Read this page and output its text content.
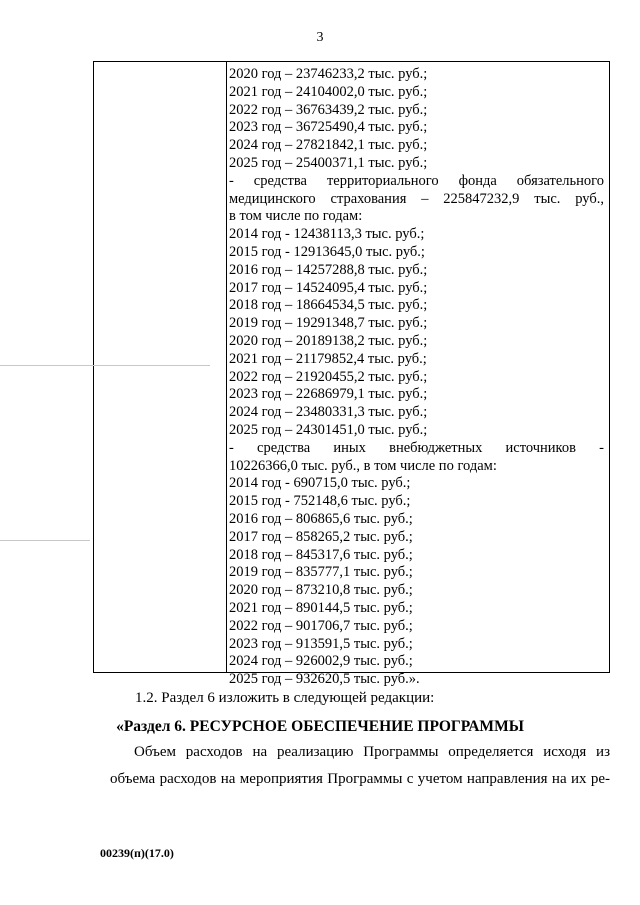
3
2020 год – 23746233,2 тыс. руб.;
2021 год – 24104002,0 тыс. руб.;
2022 год – 36763439,2 тыс. руб.;
2023 год – 36725490,4 тыс. руб.;
2024 год – 27821842,1 тыс. руб.;
2025 год – 25400371,1 тыс. руб.;
- средства территориального фонда обязательного
медицинского страхования – 225847232,9 тыс. руб.,
в том числе по годам:
2014 год - 12438113,3 тыс. руб.;
2015 год - 12913645,0 тыс. руб.;
2016 год – 14257288,8 тыс. руб.;
2017 год – 14524095,4 тыс. руб.;
2018 год – 18664534,5 тыс. руб.;
2019 год – 19291348,7 тыс. руб.;
2020 год – 20189138,2 тыс. руб.;
2021 год – 21179852,4 тыс. руб.;
2022 год – 21920455,2 тыс. руб.;
2023 год – 22686979,1 тыс. руб.;
2024 год – 23480331,3 тыс. руб.;
2025 год – 24301451,0 тыс. руб.;
- средства иных внебюджетных источников -
10226366,0 тыс. руб., в том числе по годам:
2014 год - 690715,0 тыс. руб.;
2015 год - 752148,6 тыс. руб.;
2016 год – 806865,6 тыс. руб.;
2017 год – 858265,2 тыс. руб.;
2018 год – 845317,6 тыс. руб.;
2019 год – 835777,1 тыс. руб.;
2020 год – 873210,8 тыс. руб.;
2021 год – 890144,5 тыс. руб.;
2022 год – 901706,7 тыс. руб.;
2023 год – 913591,5 тыс. руб.;
2024 год – 926002,9 тыс. руб.;
2025 год – 932620,5 тыс. руб.».
1.2. Раздел 6 изложить в следующей редакции:
«Раздел 6. РЕСУРСНОЕ ОБЕСПЕЧЕНИЕ ПРОГРАММЫ
Объем расходов на реализацию Программы определяется исходя из
объема расходов на мероприятия Программы с учетом направления на их ре-
00239(п)(17.0)
